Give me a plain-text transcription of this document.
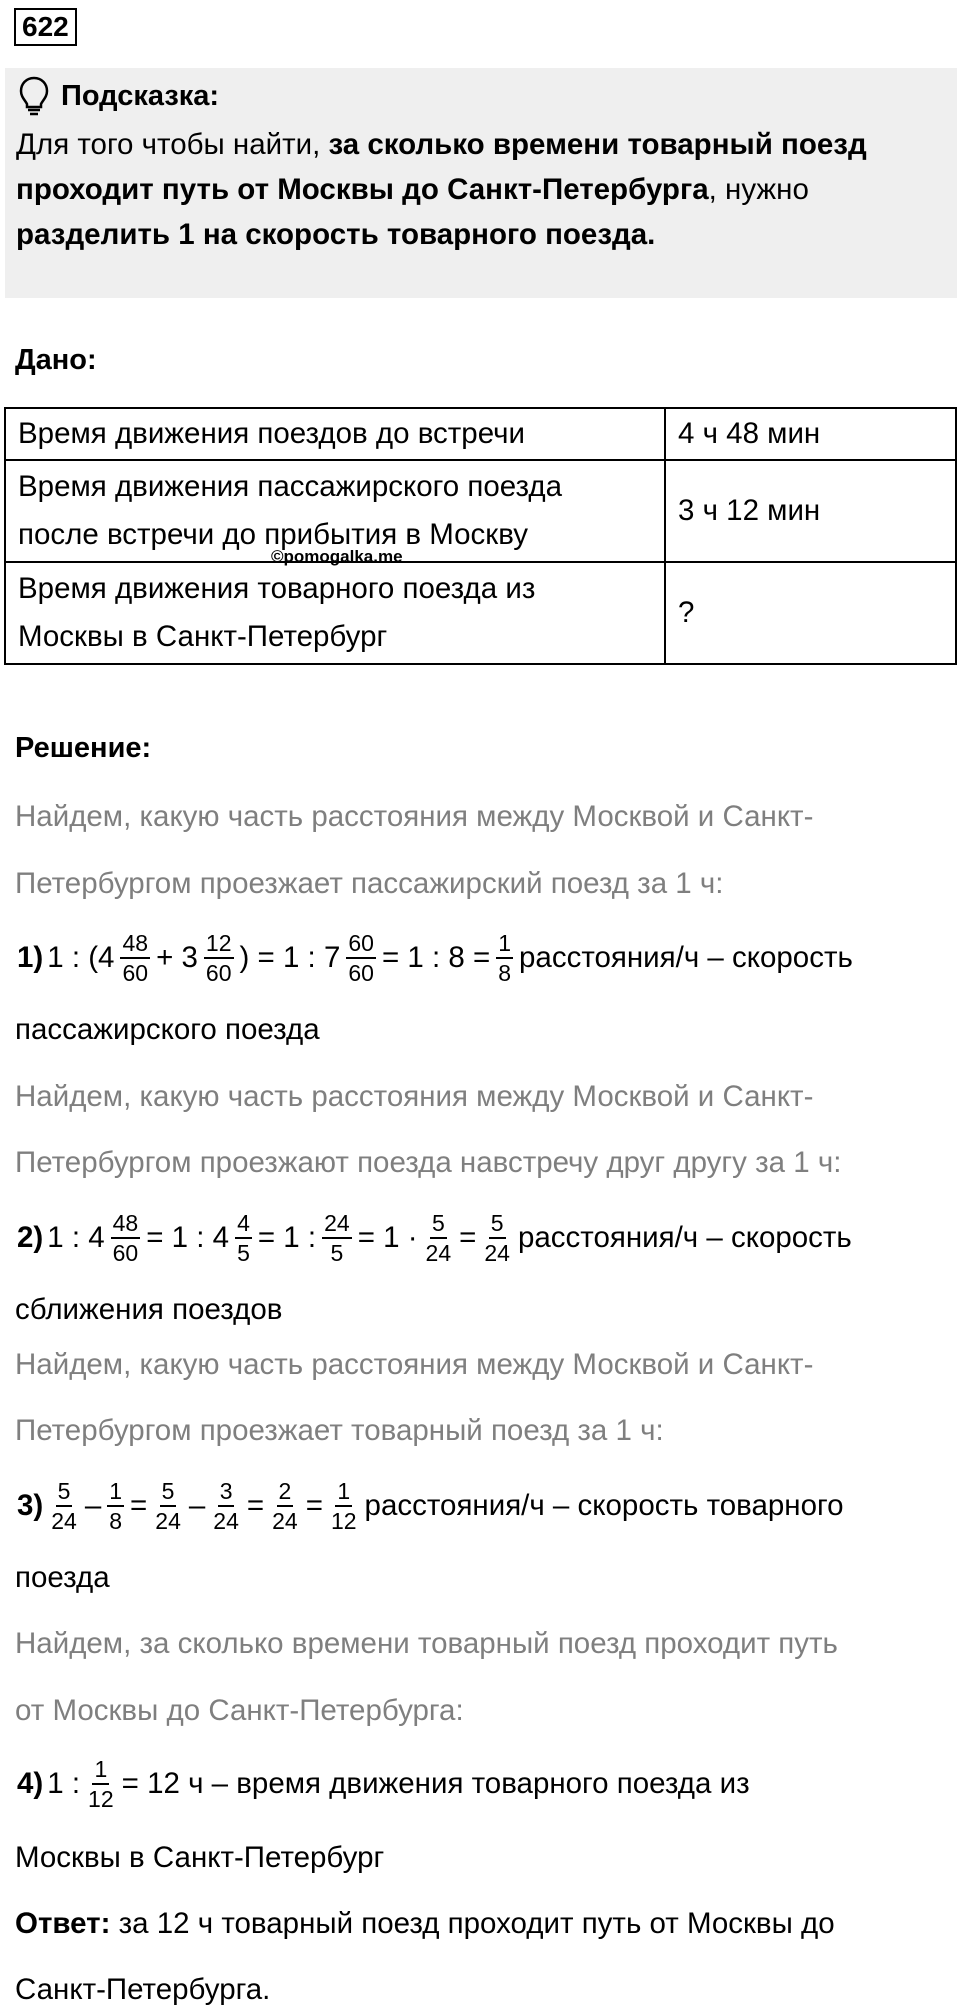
622
Подсказка:
Для того чтобы найти, за сколько времени товарный поезд
проходит путь от Москвы до Санкт-Петербурга, нужно
разделить 1 на скорость товарного поезда.
Дано:
Время движения поездов до встречи	4 ч 48 мин
Время движения пассажирского поезда
после встречи до прибытия в Москву	3 ч 12 мин
Время движения товарного поезда из
Москвы в Санкт-Петербург	?
©pomogalka.me
Решение:
Найдем, какую часть расстояния между Москвой и Санкт-
Петербургом проезжает пассажирский поезд за 1 ч:
1) 1 : ($4 \frac{48}{60} + 3 \frac{12}{60}$ ) = 1 : $7 \frac{60}{60} = 1$ : $8 = \frac{1}{8}$ расстояния/ч – скорость
пассажирского поезда
Найдем, какую часть расстояния между Москвой и Санкт-
Петербургом проезжают поезда навстречу друг другу за 1 ч:
2) 1 : $4 \frac{48}{60} = 1$ : $4 \frac{4}{5} = 1$ : $\frac{24}{5} = 1 \cdot \frac{5}{24} = \frac{5}{24}$ расстояния/ч – скорость
сближения поездов
Найдем, какую часть расстояния между Москвой и Санкт-
Петербургом проезжает товарный поезд за 1 ч:
$3) \frac{5}{24} - \frac{1}{8} = \frac{5}{24} - \frac{3}{24} = \frac{2}{24} = \frac{1}{12}$ расстояния/ч – скорость товарного
поезда
Найдем, за сколько времени товарный поезд проходит путь
от Москвы до Санкт-Петербурга:
4) 1 : $\frac{1}{12} = 12$ ч – время движения товарного поезда из
Москвы в Санкт-Петербург
Ответ: за 12 ч товарный поезд проходит путь от Москвы до
Санкт-Петербурга.
